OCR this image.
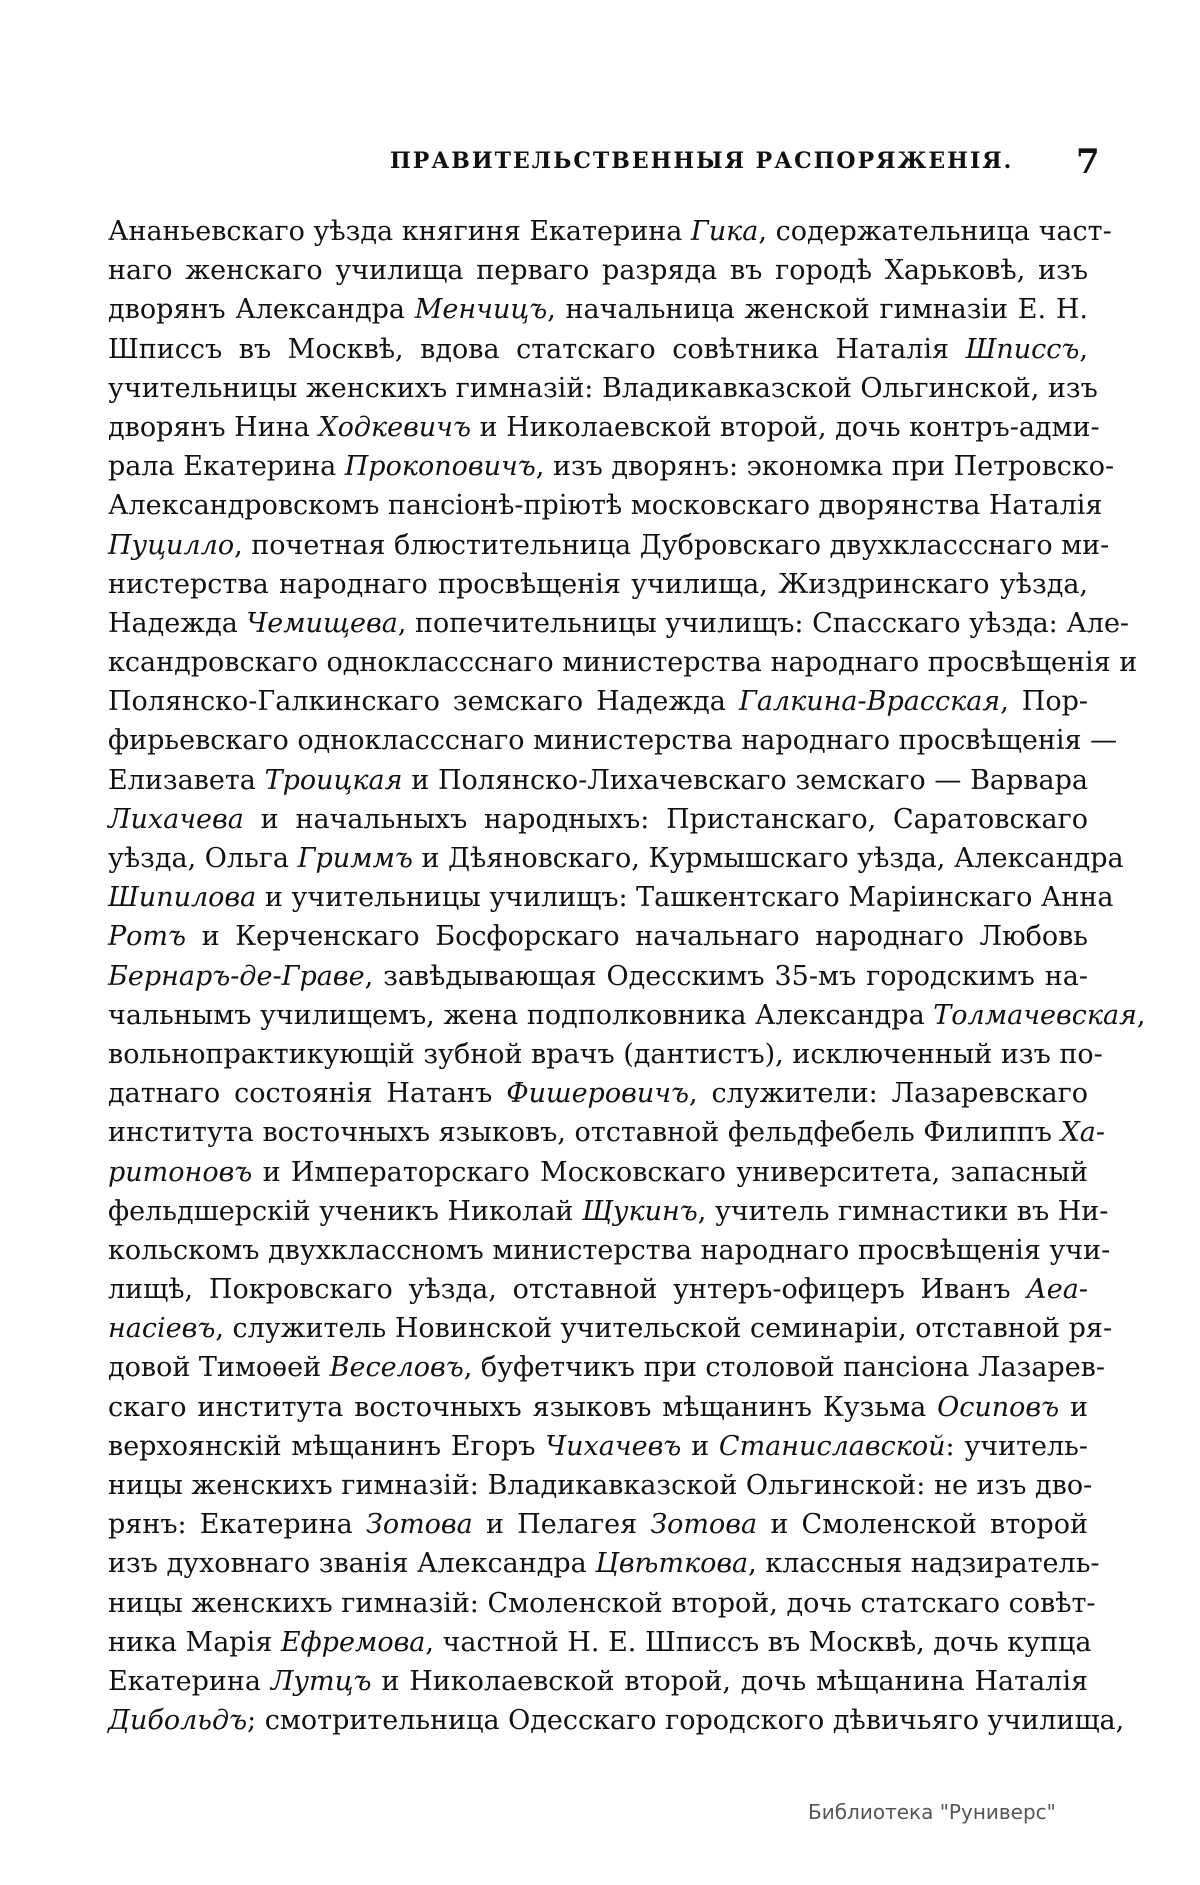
ПРАВИТЕЛЬСТВЕННЫЯ РАСПОРЯЖЕНІЯ. 7
Ананьевскаго уѣзда княгиня Екатерина Гика, содержательница част-
наго женскаго училища перваго разряда въ городѣ Харьковѣ, изъ
дворянъ Александра Менчицъ, начальница женской гимназіи Е. Н.
Шписсъ въ Москвѣ, вдова статскаго совѣтника Наталія Шписсъ,
учительницы женскихъ гимназій: Владикавказской Ольгинской, изъ
дворянъ Нина Ходкевичъ и Николаевской второй, дочь контръ-адми-
рала Екатерина Прокоповичъ, изъ дворянъ: экономка при Петровско-
Александровскомъ пансіонѣ-пріютѣ московскаго дворянства Наталія
Пуцилло, почетная блюстительница Дубровскаго двухклассснаго ми-
нистерства народнаго просвѣщенія училища, Жиздринскаго уѣзда,
Надежда Чемищева, попечительницы училищъ: Спасскаго уѣзда: Але-
ксандровскаго одноклассснаго министерства народнаго просвѣщенія и
Полянско-Галкинскаго земскаго Надежда Галкина-Врасская, Пор-
фирьевскаго одноклассснаго министерства народнаго просвѣщенія —
Елизавета Троицкая и Полянско-Лихачевскаго земскаго — Варвара
Лихачева и начальныхъ народныхъ: Пристанскаго, Саратовскаго
уѣзда, Ольга Гриммъ и Дѣяновскаго, Курмышскаго уѣзда, Александра
Шипилова и учительницы училищъ: Ташкентскаго Маріинскаго Анна
Ротъ и Керченскаго Босфорскаго начальнаго народнаго Любовь
Бернаръ-де-Граве, завѣдывающая Одесскимъ 35-мъ городскимъ на-
чальнымъ училищемъ, жена подполковника Александра Толмачевская,
вольнопрактикующій зубной врачъ (дантистъ), исключенный изъ по-
датнаго состоянія Натанъ Фишеровичъ, служители: Лазаревскаго
института восточныхъ языковъ, отставной фельдфебель Филиппъ Ха-
ритоновъ и Императорскаго Московскаго университета, запасный
фельдшерскій ученикъ Николай Щукинъ, учитель гимнастики въ Ни-
кольскомъ двухклассномъ министерства народнаго просвѣщенія учи-
лищѣ, Покровскаго уѣзда, отставной унтеръ-офицеръ Иванъ Аеа-
насіевъ, служитель Новинской учительской семинаріи, отставной ря-
довой Тимоѳей Веселовъ, буфетчикъ при столовой пансіона Лазарев-
скаго института восточныхъ языковъ мѣщанинъ Кузьма Осиповъ и
верхоянскій мѣщанинъ Егоръ Чихачевъ и Станиславской: учитель-
ницы женскихъ гимназій: Владикавказской Ольгинской: не изъ дво-
рянъ: Екатерина Зотова и Пелагея Зотова и Смоленской второй
изъ духовнаго званія Александра Цвѣткова, классныя надзиратель-
ницы женскихъ гимназій: Смоленской второй, дочь статскаго совѣт-
ника Марія Ефремова, частной Н. Е. Шписсъ въ Москвѣ, дочь купца
Екатерина Лутцъ и Николаевской второй, дочь мѣщанина Наталія
Дибольдъ; смотрительница Одесскаго городского дѣвичьяго училища,
Библиотека "Руниверс"
